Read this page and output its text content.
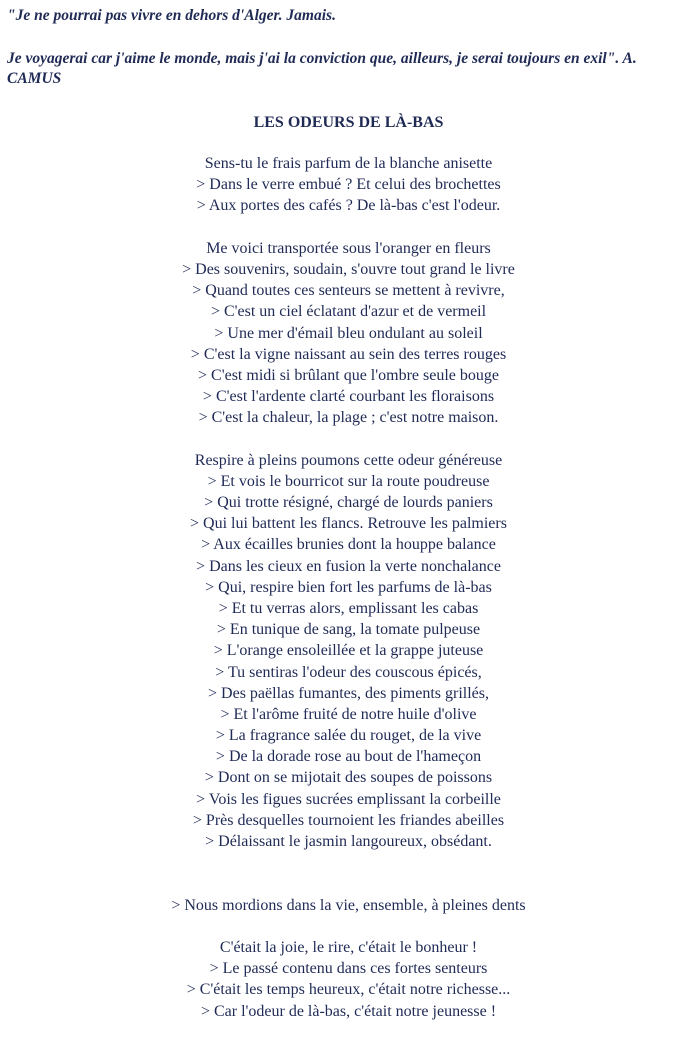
"Je ne pourrai pas vivre en dehors d'Alger. Jamais.
Je voyagerai car j'aime le monde, mais j'ai la conviction que, ailleurs, je serai toujours en exil". A. CAMUS
LES ODEURS DE LÀ-BAS
Sens-tu le frais parfum de la blanche anisette
> Dans le verre embué ? Et celui des brochettes
> Aux portes des cafés ? De là-bas c'est l'odeur.
Me voici transportée sous l'oranger en fleurs
> Des souvenirs, soudain, s'ouvre tout grand le livre
> Quand toutes ces senteurs se mettent à revivre,
> C'est un ciel éclatant d'azur et de vermeil
> Une mer d'émail bleu ondulant au soleil
> C'est la vigne naissant au sein des terres rouges
> C'est midi si brûlant que l'ombre seule bouge
> C'est l'ardente clarté courbant les floraisons
> C'est la chaleur, la plage ; c'est notre maison.
Respire à pleins poumons cette odeur généreuse
> Et vois le bourricot sur la route poudreuse
> Qui trotte résigné, chargé de lourds paniers
> Qui lui battent les flancs. Retrouve les palmiers
> Aux écailles brunies dont la houppe balance
> Dans les cieux en fusion la verte nonchalance
> Qui, respire bien fort les parfums de là-bas
> Et tu verras alors, emplissant les cabas
> En tunique de sang, la tomate pulpeuse
> L'orange ensoleillée et la grappe juteuse
> Tu sentiras l'odeur des couscous épicés,
> Des paëllas fumantes, des piments grillés,
> Et l'arôme fruité de notre huile d'olive
> La fragrance salée du rouget, de la vive
> De la dorade rose au bout de l'hameçon
> Dont on se mijotait des soupes de poissons
> Vois les figues sucrées emplissant la corbeille
> Près desquelles tournoient les friandes abeilles
> Délaissant le jasmin langoureux, obsédant.
> Nous mordions dans la vie, ensemble, à pleines dents
C'était la joie, le rire, c'était le bonheur !
> Le passé contenu dans ces fortes senteurs
> C'était les temps heureux, c'était notre richesse...
> Car l'odeur de là-bas, c'était notre jeunesse !
